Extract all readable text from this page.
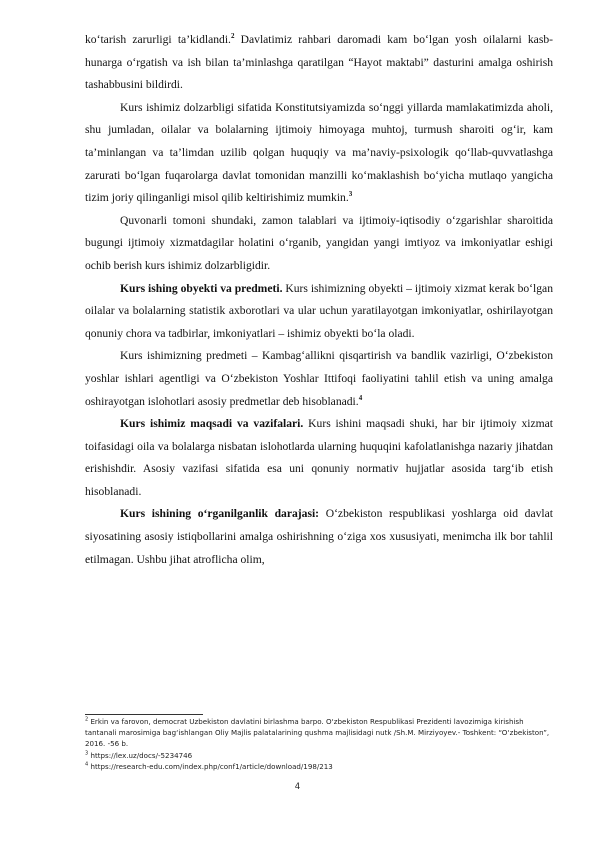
ko‘tarish zarurligi ta’kidlandi.$^2$ Davlatimiz rahbari daromadi kam bo‘lgan yosh oilalarni kasb-hunarga o‘rgatish va ish bilan ta’minlashga qaratilgan “Hayot maktabi” dasturini amalga oshirish tashabbusini bildirdi.

Kurs ishimiz dolzarbligi sifatida Konstitutsiyamizda so‘nggi yillarda mamlakatimizda aholi, shu jumladan, oilalar va bolalarning ijtimoiy himoyaga muhtoj, turmush sharoiti og‘ir, kam ta’minlangan va ta’limdan uzilib qolgan huquqiy va ma’naviy-psixologik qo‘llab-quvvatlashga zarurati bo‘lgan fuqarolarga davlat tomonidan manzilli ko‘maklashish bo‘yicha mutlaqo yangicha tizim joriy qilinganligi misol qilib keltirishimiz mumkin.$^3$

Quvonarli tomoni shundaki, zamon talablari va ijtimoiy-iqtisodiy o‘zgarishlar sharoitida bugungi ijtimoiy xizmatdagilar holatini o‘rganib, yangidan yangi imtiyoz va imkoniyatlar eshigi ochib berish kurs ishimiz dolzarbligidir.

Kurs ishing obyekti va predmeti. Kurs ishimizning obyekti – ijtimoiy xizmat kerak bo‘lgan oilalar va bolalarning statistik axborotlari va ular uchun yaratilayotgan imkoniyatlar, oshirilayotgan qonuniy chora va tadbirlar, imkoniyatlari – ishimiz obyekti bo‘la oladi.

Kurs ishimizning predmeti – Kambag‘allikni qisqartirish va bandlik vazirligi, O‘zbekiston yoshlar ishlari agentligi va O‘zbekiston Yoshlar Ittifoqi faoliyatini tahlil etish va uning amalga oshirayotgan islohotlari asosiy predmetlar deb hisoblanadi.$^4$

Kurs ishimiz maqsadi va vazifalari. Kurs ishini maqsadi shuki, har bir ijtimoiy xizmat toifasidagi oila va bolalarga nisbatan islohotlarda ularning huquqini kafolatlanishga nazariy jihatdan erishishdir. Asosiy vazifasi sifatida esa uni qonuniy normativ hujjatlar asosida targ‘ib etish hisoblanadi.

Kurs ishining o‘rganilganlik darajasi: O‘zbekiston respublikasi yoshlarga oid davlat siyosatining asosiy istiqbollarini amalga oshirishning o‘ziga xos xususiyati, menimcha ilk bor tahlil etilmagan. Ushbu jihat atroflicha olim,

$^2$ Erkin va farovon, democrat Uzbekiston davlatini birlashma barpo. O‘zbekiston Respublikasi Prezidenti lavozimiga kirishish tantanali marosimiga bag‘ishlangan Oliy Majlis palatalarining qushma majlisidagi nutk /Sh.M. Mirziyoyev.- Toshkent: “O‘zbekiston”, 2016. -56 b.

$^3$ https://lex.uz/docs/-5234746

$^4$ https://research-edu.com/index.php/conf1/article/download/198/213

4
